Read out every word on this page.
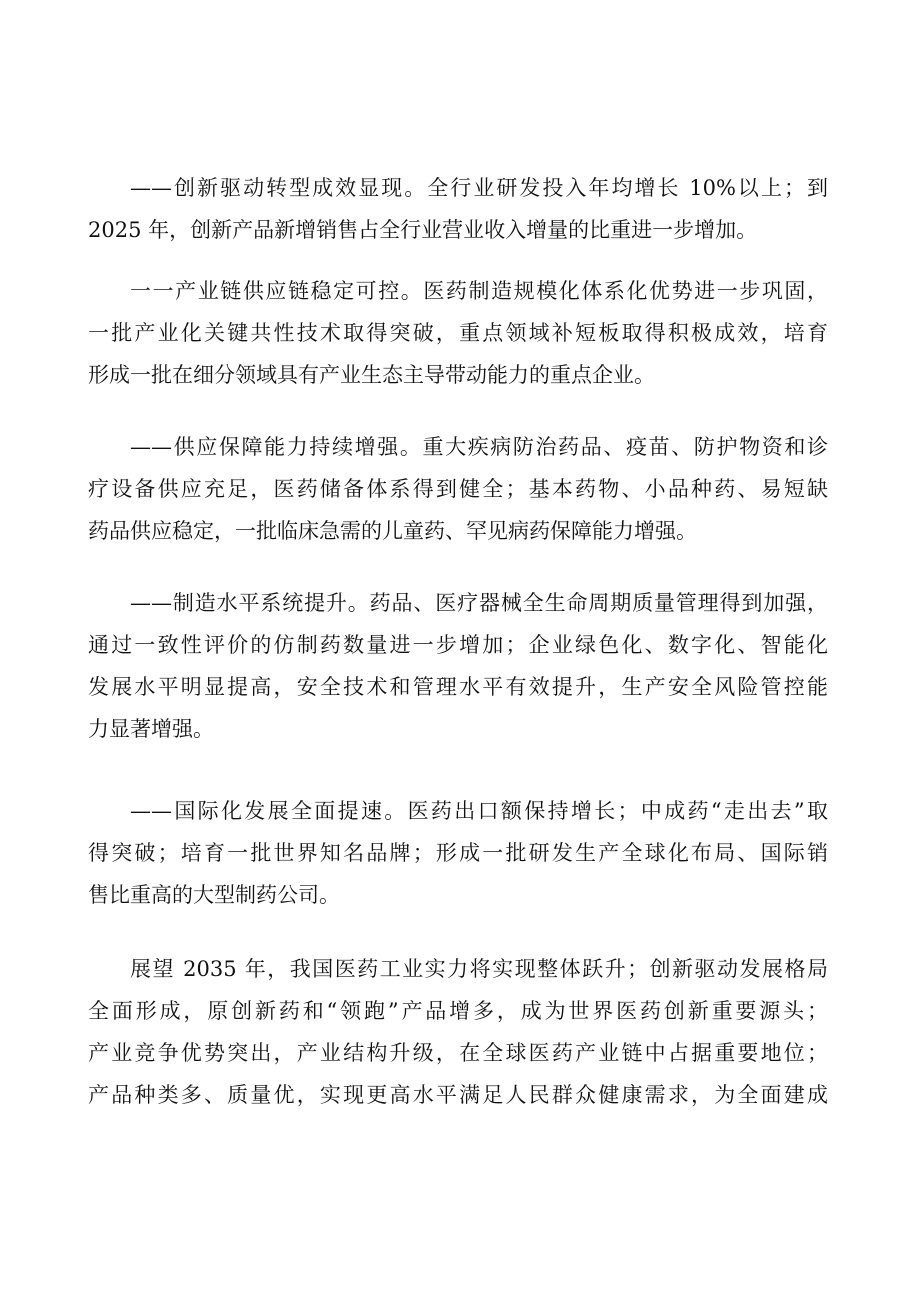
——创新驱动转型成效显现。全行业研发投入年均增长 10%以上；到
2025 年，创新产品新增销售占全行业营业收入增量的比重进一步增加。

一一产业链供应链稳定可控。医药制造规模化体系化优势进一步巩固，
一批产业化关键共性技术取得突破，重点领域补短板取得积极成效，培育
形成一批在细分领域具有产业生态主导带动能力的重点企业。

——供应保障能力持续增强。重大疾病防治药品、疫苗、防护物资和诊
疗设备供应充足，医药储备体系得到健全；基本药物、小品种药、易短缺
药品供应稳定，一批临床急需的儿童药、罕见病药保障能力增强。

——制造水平系统提升。药品、医疗器械全生命周期质量管理得到加强，
通过一致性评价的仿制药数量进一步增加；企业绿色化、数字化、智能化
发展水平明显提高，安全技术和管理水平有效提升，生产安全风险管控能
力显著增强。

——国际化发展全面提速。医药出口额保持增长；中成药“走出去”取
得突破；培育一批世界知名品牌；形成一批研发生产全球化布局、国际销
售比重高的大型制药公司。

展望 2035 年，我国医药工业实力将实现整体跃升；创新驱动发展格局
全面形成，原创新药和“领跑”产品增多，成为世界医药创新重要源头；
产业竞争优势突出，产业结构升级，在全球医药产业链中占据重要地位；
产品种类多、质量优，实现更高水平满足人民群众健康需求，为全面建成
